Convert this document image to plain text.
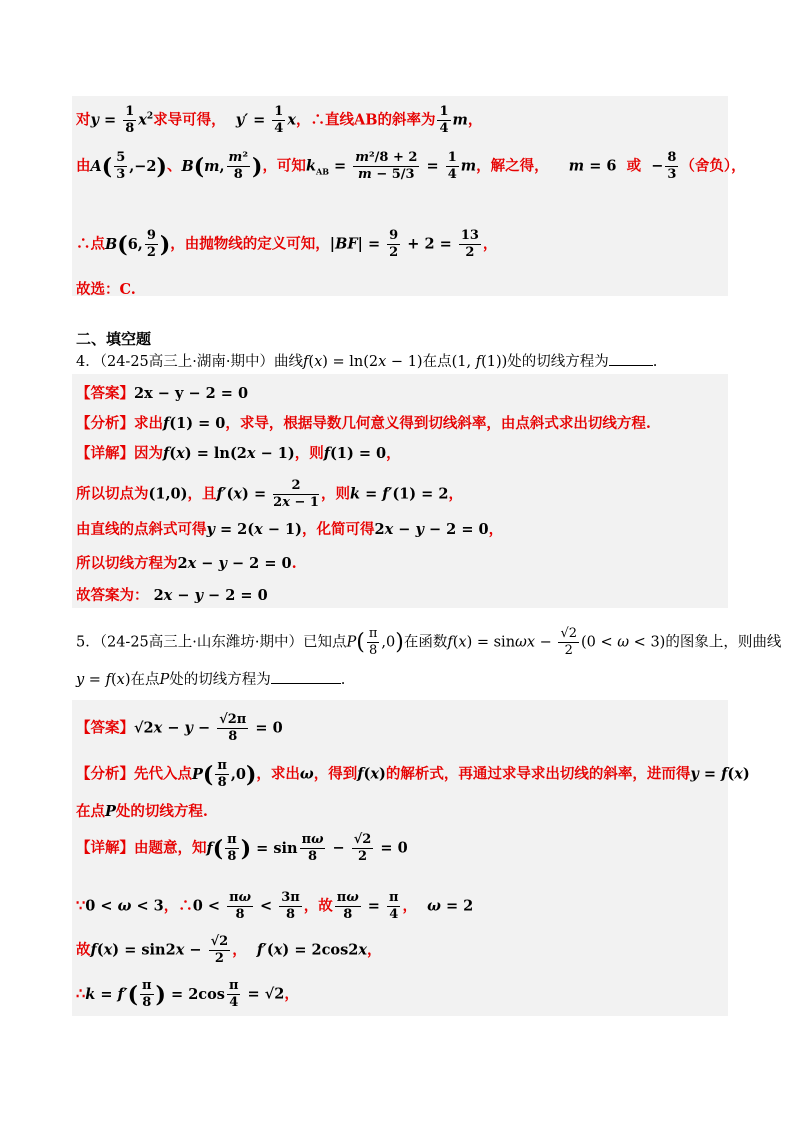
对$y = \frac{1}{8} x^2$求导可得， $y' = \frac{1}{4}$ x，∴直线AB的斜率为 $\frac{1}{4}$ m，
由$A( \frac{5}{3} ,-2)$、B(m, $\frac{\text{m²}}{8}$ )，可知$k_{AB} = \frac{\text{m²/8 + 2}}{m - 5/3} = \frac{1}{4}$ m，解之得， m = 6 或 − $\frac{8}{3}$ （舍负），
∴点B(6, $\frac{9}{2}$ )，由抛物线的定义可知，$|BF| = \frac{9}{2} + 2 = \frac{13}{2}$ ，
故选：C.
二、填空题
4．（24-25高三上·湖南·期中）曲线f(x) = ln(2x − 1)在点(1, f(1))处的切线方程为	.
【答案】2x − y − 2 = 0
【分析】求出f(1) = 0，求导，根据导数几何意义得到切线斜率，由点斜式求出切线方程.
【详解】因为f(x) = ln(2x − 1)，则f(1) = 0，
所以切点为(1,0)，且$f'(x) = \frac{2}{2x - 1}$ ，则k = f′(1) = 2，
由直线的点斜式可得y = 2(x − 1)，化简可得2x − y − 2 = 0，
所以切线方程为2x − y − 2 = 0.
故答案为： 2x − y − 2 = 0
5．（24-25高三上·山东潍坊·期中）已知点$P( \frac{\pi}{8} ,0)$在函数$f(x) = \sin\omega x - \frac{√2}{2} (0 < \omega < 3)$的图象上，则曲线
y = f(x)在点P处的切线方程为	.
【答案】$√2x - y - \frac{√2\pi}{8} = 0$
【分析】先代入点$P( \frac{\pi}{8} ,0)$，求出ω，得到f(x)的解析式，再通过求导求出切线的斜率，进而得y = f(x)
在点P处的切线方程.
【详解】由题意，知$f( \frac{\pi}{8}$ ) = $\sin \frac{\pi\omega}{8} - \frac{√2}{2} = 0$
∵0 < ω < 3，∴0 < $\frac{\pi\omega}{8} < \frac{3\pi}{8}$ ，故 $\frac{\pi\omega}{8} = \frac{\pi}{4}$ ， ω = 2
故$f(x) = \sin 2x - \frac{√2}{2}$ ， f′(x) = 2cos2x，
∴k = $f'( \frac{\pi}{8}$ ) = $2\cos \frac{\pi}{4} = √2$，
